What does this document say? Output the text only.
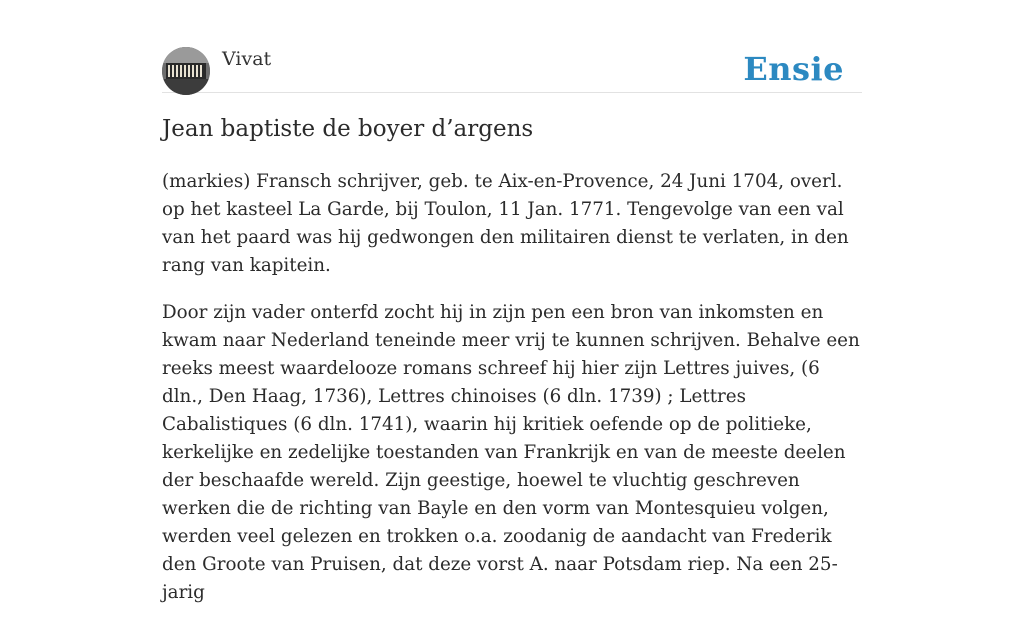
Vivat	Ensie
Jean baptiste de boyer d’argens

(markies) Fransch schrijver, geb. te Aix-en-Provence, 24 Juni 1704, overl. op het kasteel La Garde, bij Toulon, 11 Jan. 1771. Tengevolge van een val van het paard was hij gedwongen den militairen dienst te verlaten, in den rang van kapitein.

Door zijn vader onterfd zocht hij in zijn pen een bron van inkomsten en kwam naar Nederland teneinde meer vrij te kunnen schrijven. Behalve een reeks meest waardelooze romans schreef hij hier zijn Lettres juives, (6 dln., Den Haag, 1736), Lettres chinoises (6 dln. 1739) ; Lettres Cabalistiques (6 dln. 1741), waarin hij kritiek oefende op de politieke, kerkelijke en zedelijke toestanden van Frankrijk en van de meeste deelen der beschaafde wereld. Zijn geestige, hoewel te vluchtig geschreven werken die de richting van Bayle en den vorm van Montesquieu volgen, werden veel gelezen en trokken o.a. zoodanig de aandacht van Frederik den Groote van Pruisen, dat deze vorst A. naar Potsdam riep. Na een 25-jarig
